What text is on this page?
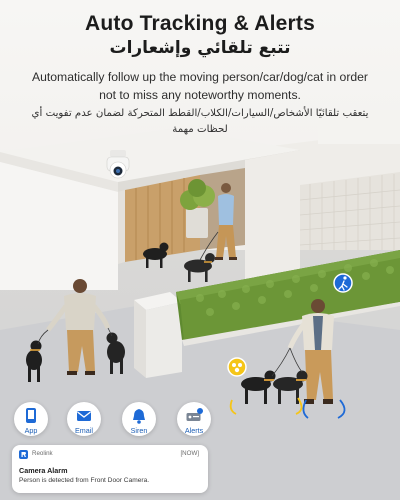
Auto Tracking & Alerts
تتبع تلقائي وإشعارات
Automatically follow up the moving person/car/dog/cat in order not to miss any noteworthy moments.
يتعقب تلقائيًا الأشخاص/السيارات/الكلاب/القطط المتحركة لضمان عدم تفويت أي لحظات مهمة
App	Email	Siren	Alerts
Reolink	[NOW]
Camera Alarm
Person is detected from Front Door Camera.
